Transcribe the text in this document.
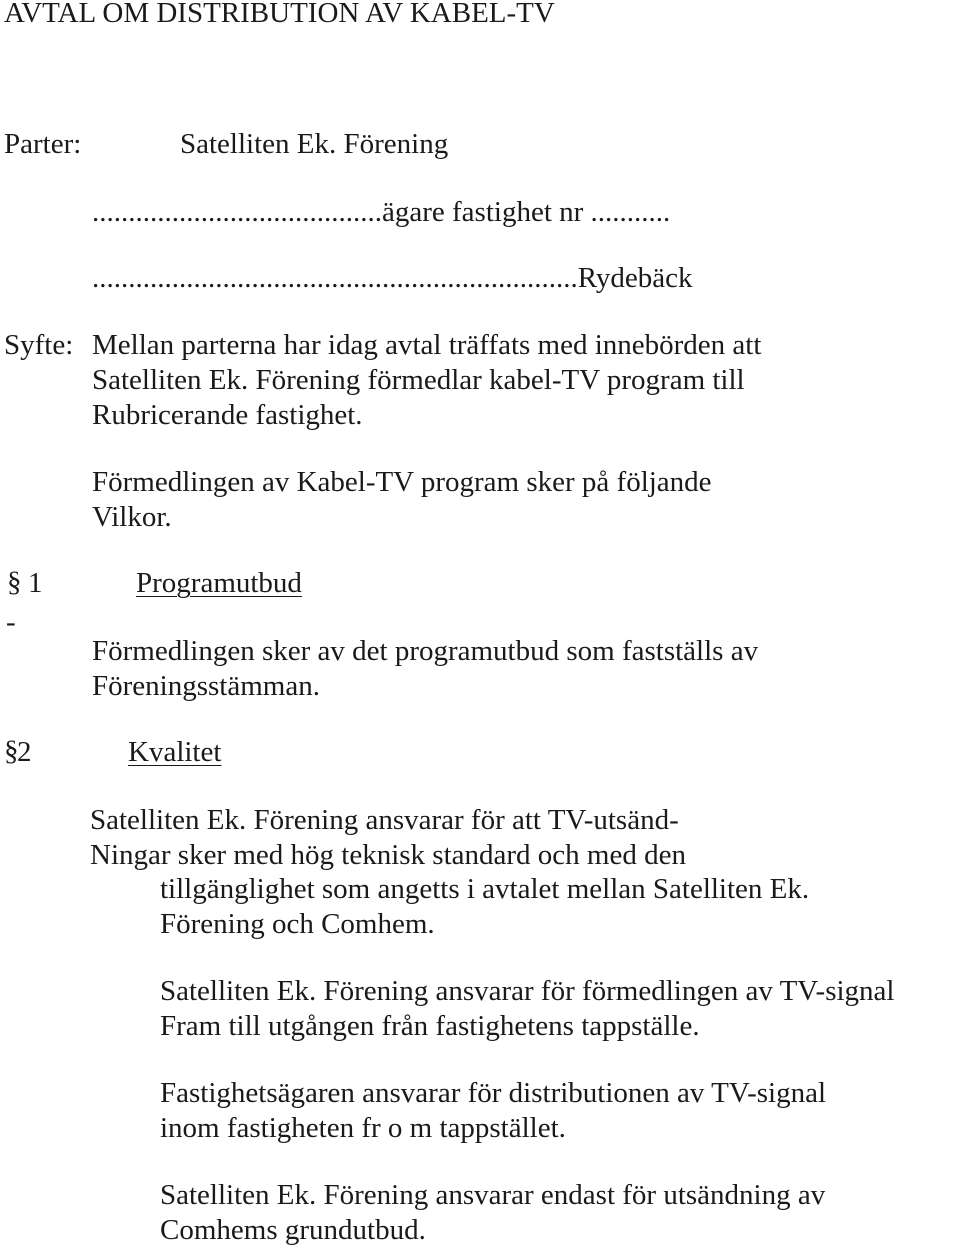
AVTAL OM DISTRIBUTION AV KABEL-TV
Parter:	Satelliten Ek. Förening
........................................ägare fastighet nr ...........
...................................................................Rydebäck
Syfte: Mellan parterna har idag avtal träffats med innebörden att
Satelliten Ek. Förening förmedlar kabel-TV program till
Rubricerande fastighet.
Förmedlingen av Kabel-TV program sker på följande
Vilkor.
§ 1
-
Programutbud
Förmedlingen sker av det programutbud som fastställs av
Föreningsstämman.
§
2	Kvalitet
Satelliten Ek. Förening ansvarar för att TV-utsänd-
Ningar sker med hög teknisk standard och med den
tillgänglighet som angetts i avtalet mellan Satelliten Ek.
Förening och Comhem.
Satelliten Ek. Förening ansvarar för förmedlingen av TV-signal
Fram till utgången från fastighetens tappställe.
Fastighetsägaren ansvarar för distributionen av TV-signal
inom fastigheten fr o m tappstället.
Satelliten Ek. Förening ansvarar endast för utsändning av
Comhems grundutbud.
